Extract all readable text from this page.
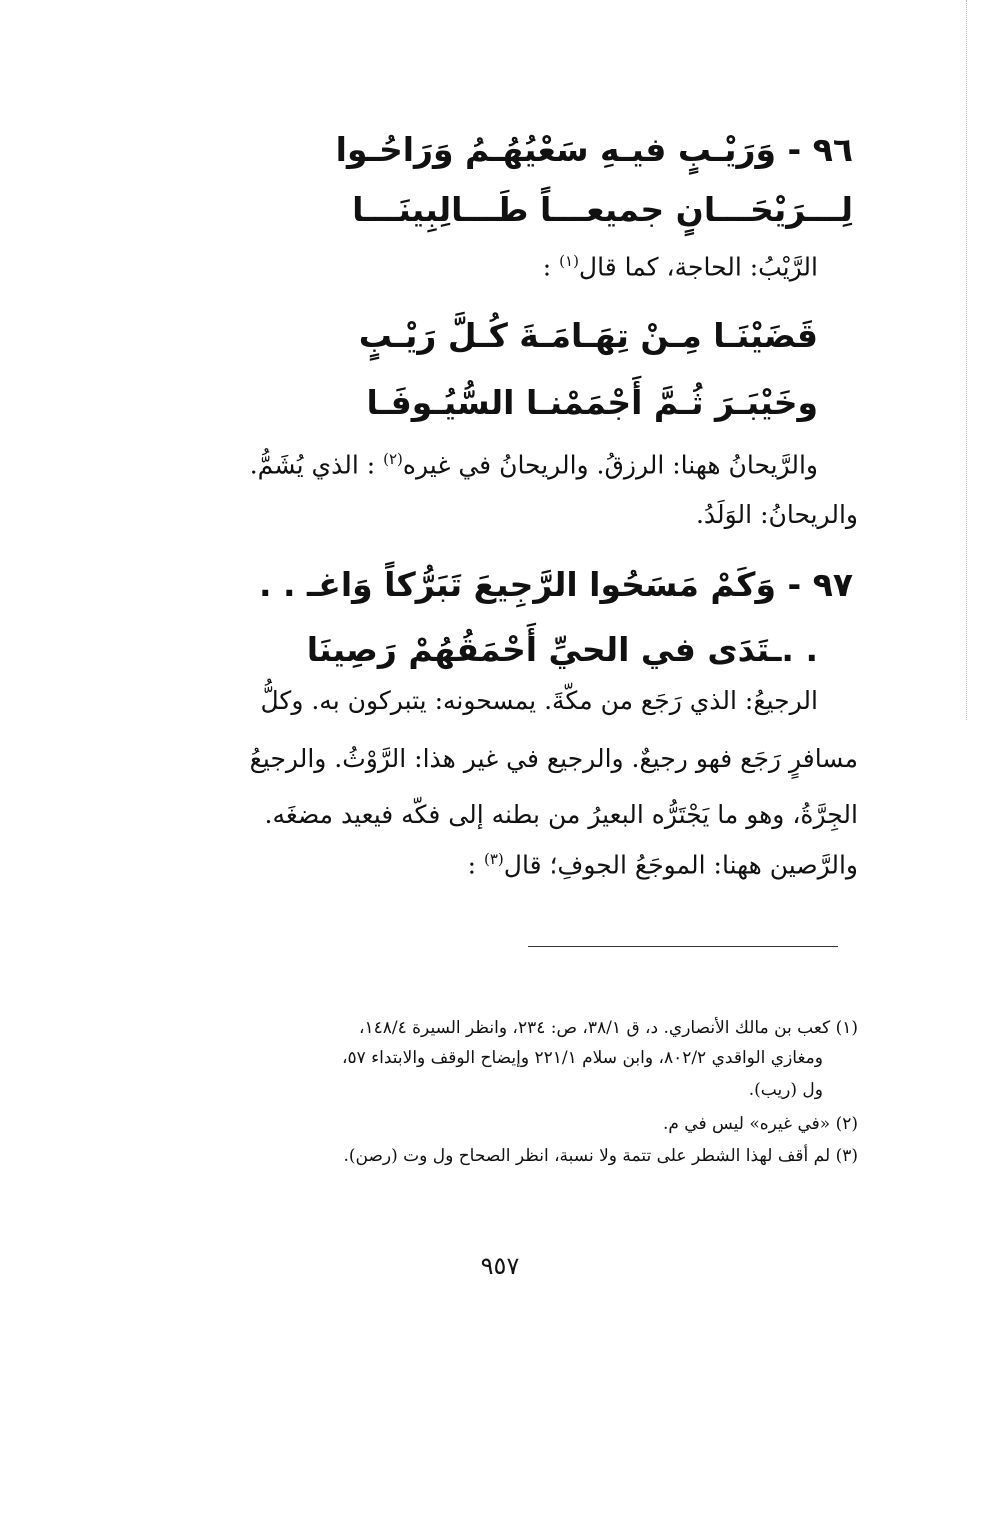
٩٦ - وَرَيْـبٍ فيـهِ سَعْيُهُـمُ وَرَاحُـوا
لِـــرَيْحَـــانٍ جميعـــاً طَـــالِبِينَـــا
الرَّيْبُ: الحاجة، كما قال$^{(١)}$ :
قَضَيْنَـا مِـنْ تِهَـامَـةَ كُـلَّ رَيْـبٍ
وخَيْبَـرَ ثُـمَّ أَجْمَمْنـا السُّيُـوفَـا
والرَّيحانُ ههنا: الرزقُ. والريحانُ في غيره$^{(٢)}$ : الذي يُشَمُّ.
والريحانُ: الوَلَدُ.
٩٧ - وَكَمْ مَسَحُوا الرَّجِيعَ تَبَرُّكاً وَاغـ . .
. .ـتَدَى في الحيِّ أَحْمَقُهُمْ رَصِينَا
الرجيعُ: الذي رَجَع من مكّةَ. يمسحونه: يتبركون به. وكلُّ
مسافرٍ رَجَع فهو رجيعٌ. والرجيع في غير هذا: الرَّوْثُ. والرجيعُ
الجِرَّةُ، وهو ما يَجْتَرُّه البعيرُ من بطنه إلى فكّه فيعيد مضغَه.
والرَّصين ههنا: الموجَعُ الجوفِ؛ قال$^{(٣)}$ :
(١) كعب بن مالك الأنصاري. د، ق ٣٨/١، ص: ٢٣٤، وانظر السيرة ١٤٨/٤،
ومغازي الواقدي ٨٠٢/٢، وابن سلام ٢٢١/١ وإيضاح الوقف والابتداء ٥٧،
ول (ريب).
(٢) «في غيره» ليس في م.
(٣) لم أقف لهذا الشطر على تتمة ولا نسبة، انظر الصحاح ول وت (رصن).
٩٥٧
